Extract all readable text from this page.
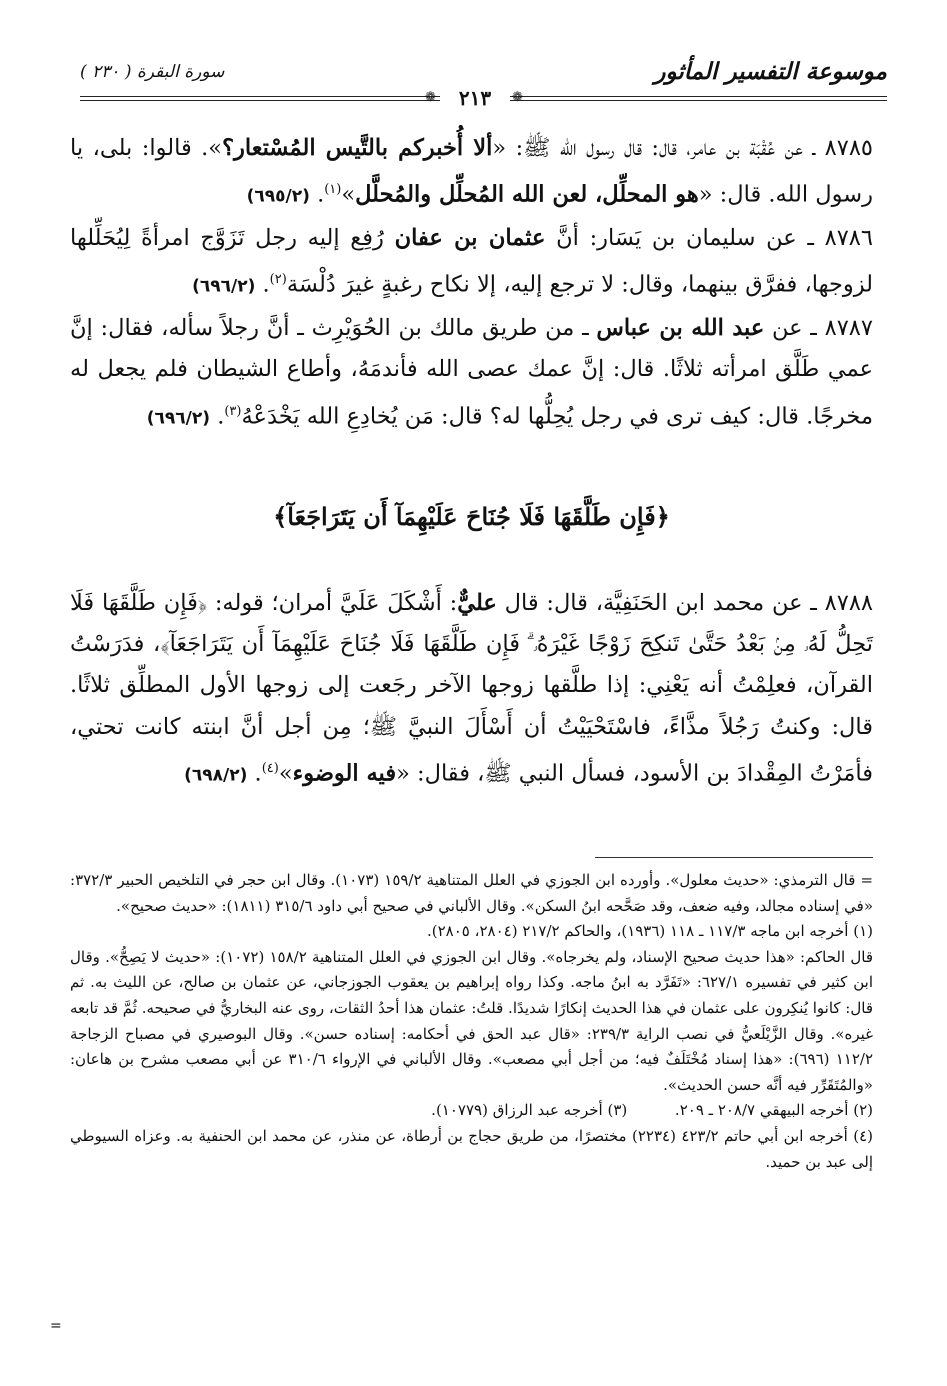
موسوعة التفسير المأثور
سورة البقرة ( ٢٣٠ )
❁	٢١٣	❁

٨٧٨٥ ـ عن عُقْبَة بن عامر، قال: قال رسول الله ﷺ: «ألا أُخبركم بالتَّيس المُسْتعار؟». قالوا: بلى، يا رسول الله. قال: «هو المحلِّل، لعن الله المُحلِّل والمُحلَّل»$^{(١)}$. (٦٩٥/٢)

٨٧٨٦ ـ عن سليمان بن يَسَار: أنَّ عثمان بن عفان رُفِع إليه رجل تَزَوَّج امرأةً لِيُحَلِّلها لزوجها، ففرَّق بينهما، وقال: لا ترجع إليه، إلا نكاح رغبةٍ غيرَ دُلْسَة$^{(٢)}$. (٦٩٦/٢)

٨٧٨٧ ـ عن عبد الله بن عباس ـ من طريق مالك بن الحُوَيْرِث ـ أنَّ رجلاً سأله، فقال: إنَّ عمي طَلَّق امرأته ثلاثًا. قال: إنَّ عمك عصى الله فأندمَهُ، وأطاع الشيطان فلم يجعل له مخرجًا. قال: كيف ترى في رجل يُحِلُّها له؟ قال: مَن يُخادِعِ الله يَخْدَعْهُ$^{(٣)}$. (٦٩٦/٢)

﴿فَإِن طَلَّقَهَا فَلَا جُنَاحَ عَلَيْهِمَآ أَن يَتَرَاجَعَآ﴾

٨٧٨٨ ـ عن محمد ابن الحَنَفِيَّة، قال: قال عليٌّ: أَشْكَلَ عَلَيَّ أمران؛ قوله: ﴿فَإِن طَلَّقَهَا فَلَا تَحِلُّ لَهُۥ مِنۢ بَعْدُ حَتَّىٰ تَنكِحَ زَوْجًا غَيْرَهُۥ ۗ فَإِن طَلَّقَهَا فَلَا جُنَاحَ عَلَيْهِمَآ أَن يَتَرَاجَعَآ﴾، فدَرَسْتُ القرآن، فعلِمْتُ أنه يَعْنِي: إذا طلَّقها زوجها الآخر رجَعت إلى زوجها الأول المطلِّق ثلاثًا. قال: وكنتُ رَجُلاً مذَّاءً، فاسْتَحْيَيْتُ أن أَسْأَلَ النبيَّ ﷺ؛ مِن أجل أنَّ ابنته كانت تحتي، فأمَرْتُ المِقْدادَ بن الأسود، فسأل النبي ﷺ، فقال: «فيه الوضوء»$^{(٤)}$. (٦٩٨/٢)

= قال الترمذي: «حديث معلول». وأورده ابن الجوزي في العلل المتناهية ١٥٩/٢ (١٠٧٣). وقال ابن حجر في التلخيص الحبير ٣٧٢/٣: «في إسناده مجالد، وفيه ضعف، وقد صَحَّحه ابنُ السكن». وقال الألباني في صحيح أبي داود ٣١٥/٦ (١٨١١): «حديث صحيح».

(١) أخرجه ابن ماجه ١١٧/٣ ـ ١١٨ (١٩٣٦)، والحاكم ٢١٧/٢ (٢٨٠٤، ٢٨٠٥).

قال الحاكم: «هذا حديث صحيح الإسناد، ولم يخرجاه». وقال ابن الجوزي في العلل المتناهية ١٥٨/٢ (١٠٧٢): «حديث لا يَصِحُّ». وقال ابن كثير في تفسيره ٦٢٧/١: «تَفَرَّد به ابنُ ماجه. وكذا رواه إبراهيم بن يعقوب الجوزجاني، عن عثمان بن صالح، عن الليث به. ثم قال: كانوا يُنكِرون على عثمان في هذا الحديث إنكارًا شديدًا. قلتُ: عثمان هذا أحدُ الثقات، روى عنه البخاريُّ في صحيحه. ثُمَّ قد تابعه غيره». وقال الزَّيْلَعيُّ في نصب الراية ٢٣٩/٣: «قال عبد الحق في أحكامه: إسناده حسن». وقال البوصيري في مصباح الزجاجة ١١٢/٢ (٦٩٦): «هذا إسناد مُخْتَلَفٌ فيه؛ من أجل أبي مصعب». وقال الألباني في الإرواء ٣١٠/٦ عن أبي مصعب مشرح بن هاعان: «والمُتَقَرِّر فيه أنَّه حسن الحديث».

(٢) أخرجه البيهقي ٢٠٨/٧ ـ ٢٠٩.          (٣) أخرجه عبد الرزاق (١٠٧٧٩).

(٤) أخرجه ابن أبي حاتم ٤٢٣/٢ (٢٢٣٤) مختصرًا، من طريق حجاج بن أرطاة، عن منذر، عن محمد ابن الحنفية به. وعزاه السيوطي إلى عبد بن حميد.

=
